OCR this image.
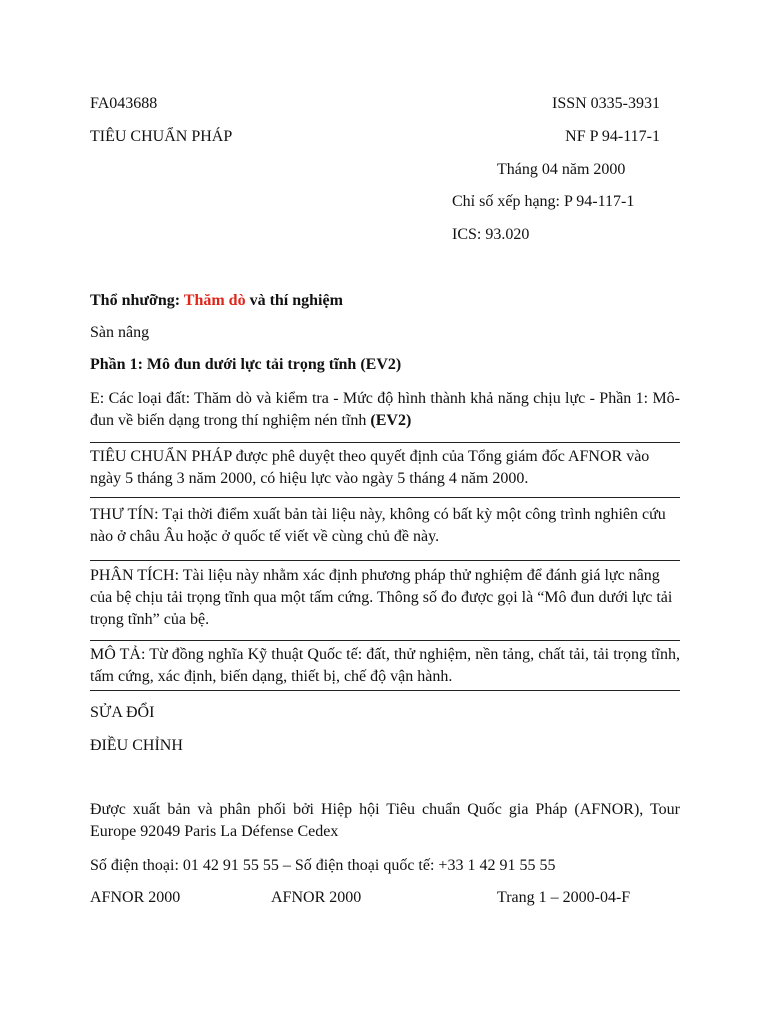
FA043688	ISSN 0335-3931
TIÊU CHUẨN PHÁP	NF P 94-117-1
Tháng 04 năm 2000
Chỉ số xếp hạng: P 94-117-1
ICS: 93.020
Thổ nhưỡng: Thăm dò và thí nghiệm
Sàn nâng
Phần 1: Mô đun dưới lực tải trọng tĩnh (EV2)
E: Các loại đất: Thăm dò và kiểm tra - Mức độ hình thành khả năng chịu lực - Phần 1: Mô-đun về biến dạng trong thí nghiệm nén tĩnh (EV2)
TIÊU CHUẨN PHÁP được phê duyệt theo quyết định của Tổng giám đốc AFNOR vào ngày 5 tháng 3 năm 2000, có hiệu lực vào ngày 5 tháng 4 năm 2000.
THƯ TÍN: Tại thời điểm xuất bản tài liệu này, không có bất kỳ một công trình nghiên cứu nào ở châu Âu hoặc ở quốc tế viết về cùng chủ đề này.
PHÂN TÍCH: Tài liệu này nhằm xác định phương pháp thử nghiệm để đánh giá lực nâng của bệ chịu tải trọng tĩnh qua một tấm cứng. Thông số đo được gọi là “Mô đun dưới lực tải trọng tĩnh” của bệ.
MÔ TẢ: Từ đồng nghĩa Kỹ thuật Quốc tế: đất, thử nghiệm, nền tảng, chất tải, tải trọng tĩnh, tấm cứng, xác định, biến dạng, thiết bị, chế độ vận hành.
SỬA ĐỔI
ĐIỀU CHỈNH
Được xuất bản và phân phối bởi Hiệp hội Tiêu chuẩn Quốc gia Pháp (AFNOR), Tour Europe 92049 Paris La Défense Cedex
Số điện thoại: 01 42 91 55 55 – Số điện thoại quốc tế: +33 1 42 91 55 55
AFNOR 2000	AFNOR 2000	Trang 1 – 2000-04-F
